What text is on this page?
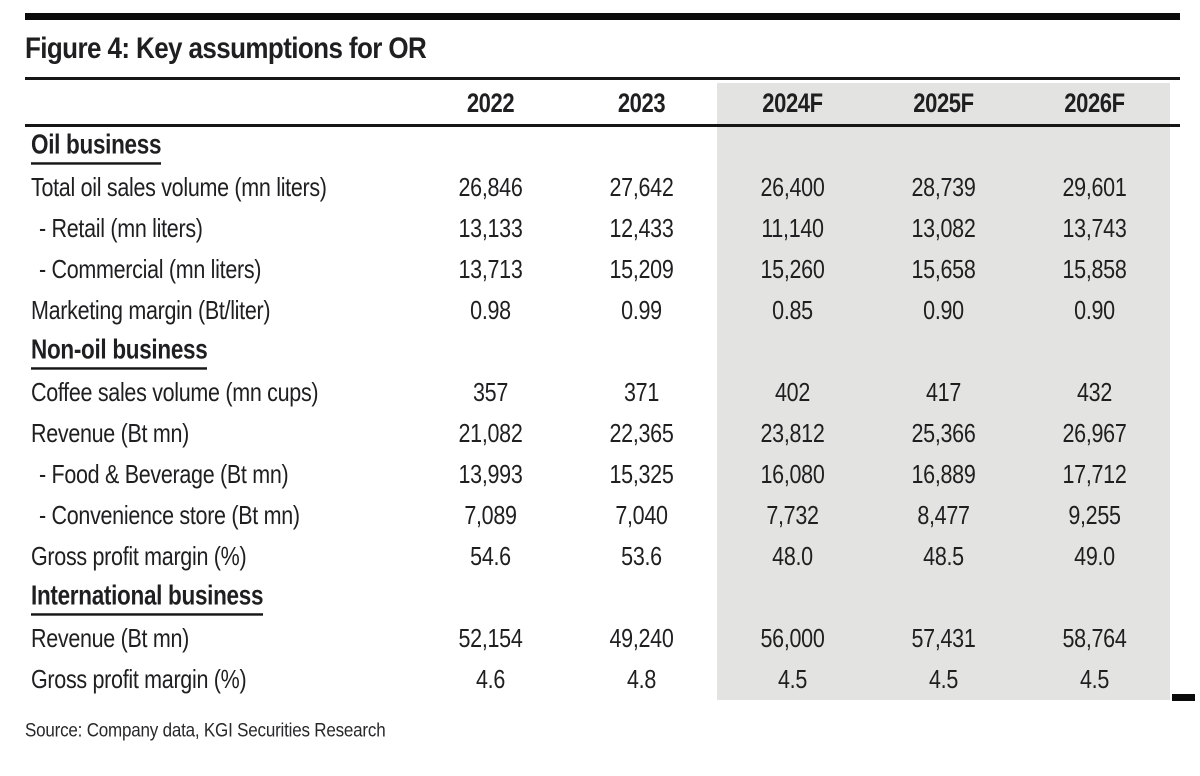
Figure 4: Key assumptions for OR
2022	2023	2024F	2025F	2026F
Oil business
Total oil sales volume (mn liters)	26,846	27,642	26,400	28,739	29,601
- Retail (mn liters)	13,133	12,433	11,140	13,082	13,743
- Commercial (mn liters)	13,713	15,209	15,260	15,658	15,858
Marketing margin (Bt/liter)	0.98	0.99	0.85	0.90	0.90
Non-oil business
Coffee sales volume (mn cups)	357	371	402	417	432
Revenue (Bt mn)	21,082	22,365	23,812	25,366	26,967
- Food & Beverage (Bt mn)	13,993	15,325	16,080	16,889	17,712
- Convenience store (Bt mn)	7,089	7,040	7,732	8,477	9,255
Gross profit margin (%)	54.6	53.6	48.0	48.5	49.0
International business
Revenue (Bt mn)	52,154	49,240	56,000	57,431	58,764
Gross profit margin (%)	4.6	4.8	4.5	4.5	4.5
Source: Company data, KGI Securities Research
